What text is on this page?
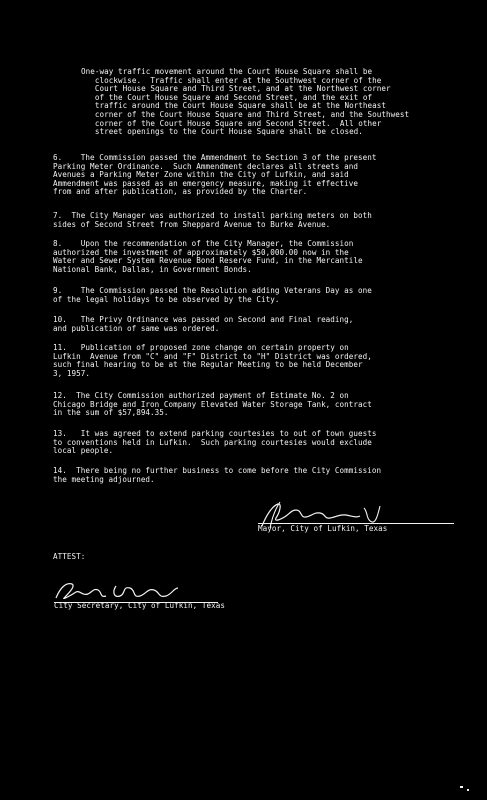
One-way traffic movement around the Court House Square shall be
clockwise.  Traffic shall enter at the Southwest corner of the
Court House Square and Third Street, and at the Northwest corner
of the Court House Square and Second Street, and the exit of
traffic around the Court House Square shall be at the Northeast
corner of the Court House Square and Third Street, and the Southwest
corner of the Court House Square and Second Street.  All other
street openings to the Court House Square shall be closed.
6.    The Commission passed the Ammendment to Section 3 of the present
Parking Meter Ordinance.  Such Ammendment declares all streets and
Avenues a Parking Meter Zone within the City of Lufkin, and said
Ammendment was passed as an emergency measure, making it effective
from and after publication, as provided by the Charter.
7.  The City Manager was authorized to install parking meters on both
sides of Second Street from Sheppard Avenue to Burke Avenue.
8.    Upon the recommendation of the City Manager, the Commission
authorized the investment of approximately $50,000.00 now in the
Water and Sewer System Revenue Bond Reserve Fund, in the Mercantile
National Bank, Dallas, in Government Bonds.
9.    The Commission passed the Resolution adding Veterans Day as one
of the legal holidays to be observed by the City.
10.   The Privy Ordinance was passed on Second and Final reading,
and publication of same was ordered.
11.   Publication of proposed zone change on certain property on
Lufkin  Avenue from "C" and "F" District to "H" District was ordered,
such final hearing to be at the Regular Meeting to be held December
3, 1957.
12.  The City Commission authorized payment of Estimate No. 2 on
Chicago Bridge and Iron Company Elevated Water Storage Tank, contract
in the sum of $57,894.35.
13.   It was agreed to extend parking courtesies to out of town guests
to conventions held in Lufkin.  Such parking courtesies would exclude
local people.
14.  There being no further business to come before the City Commission
the meeting adjourned.
Mayor, City of Lufkin, Texas
ATTEST:
City Secretary, City of Lufkin, Texas
